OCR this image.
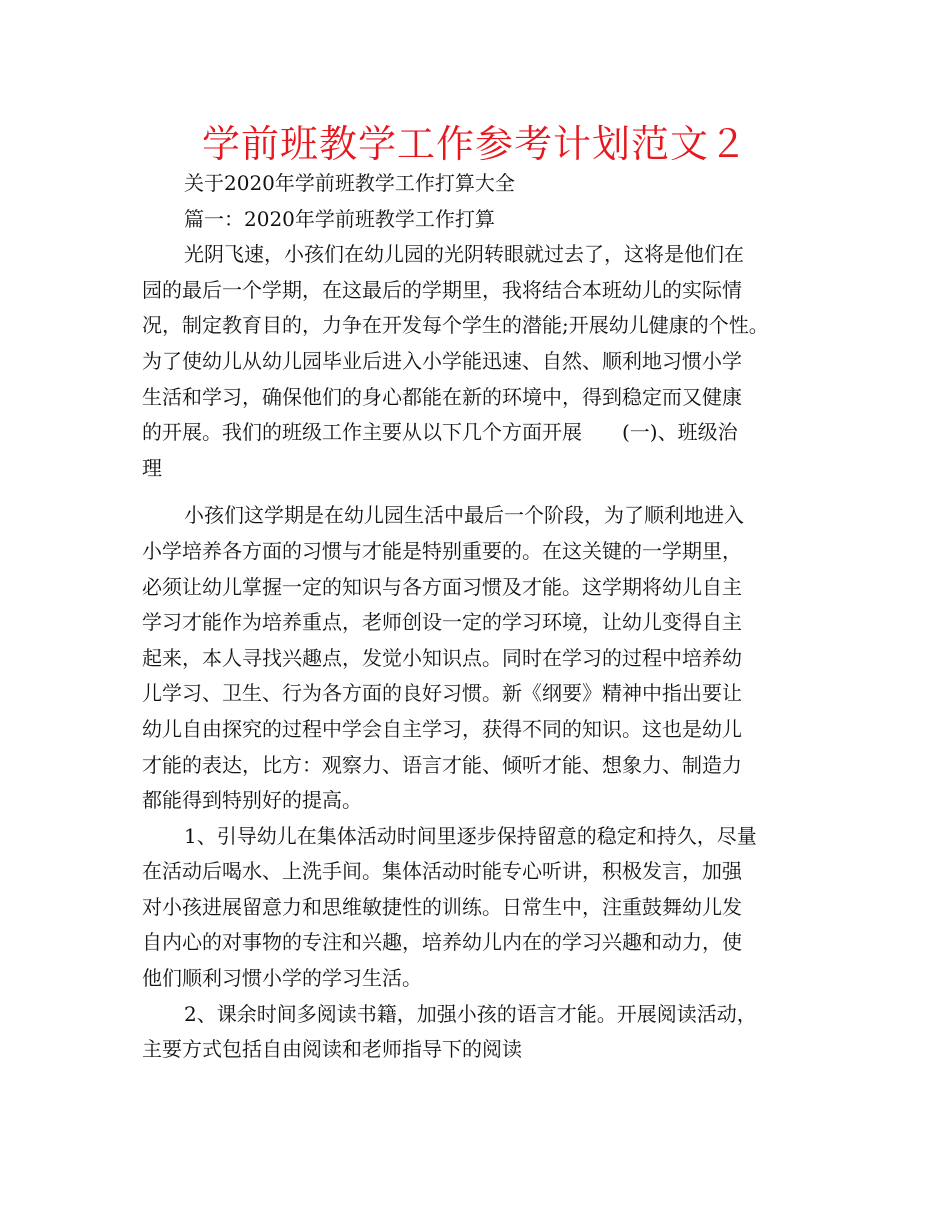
学前班教学工作参考计划范文２
关于2020年学前班教学工作打算大全
篇一：2020年学前班教学工作打算
光阴飞速，小孩们在幼儿园的光阴转眼就过去了，这将是他们在
园的最后一个学期，在这最后的学期里，我将结合本班幼儿的实际情
况，制定教育目的，力争在开发每个学生的潜能;开展幼儿健康的个性。
为了使幼儿从幼儿园毕业后进入小学能迅速、自然、顺利地习惯小学
生活和学习，确保他们的身心都能在新的环境中，得到稳定而又健康
的开展。我们的班级工作主要从以下几个方面开展　　(一)、班级治
理
小孩们这学期是在幼儿园生活中最后一个阶段，为了顺利地进入
小学培养各方面的习惯与才能是特别重要的。在这关键的一学期里，
必须让幼儿掌握一定的知识与各方面习惯及才能。这学期将幼儿自主
学习才能作为培养重点，老师创设一定的学习环境，让幼儿变得自主
起来，本人寻找兴趣点，发觉小知识点。同时在学习的过程中培养幼
儿学习、卫生、行为各方面的良好习惯。新《纲要》精神中指出要让
幼儿自由探究的过程中学会自主学习，获得不同的知识。这也是幼儿
才能的表达，比方：观察力、语言才能、倾听才能、想象力、制造力
都能得到特别好的提高。
1、引导幼儿在集体活动时间里逐步保持留意的稳定和持久，尽量
在活动后喝水、上洗手间。集体活动时能专心听讲，积极发言，加强
对小孩进展留意力和思维敏捷性的训练。日常生中，注重鼓舞幼儿发
自内心的对事物的专注和兴趣，培养幼儿内在的学习兴趣和动力，使
他们顺利习惯小学的学习生活。
2、课余时间多阅读书籍，加强小孩的语言才能。开展阅读活动，
主要方式包括自由阅读和老师指导下的阅读
